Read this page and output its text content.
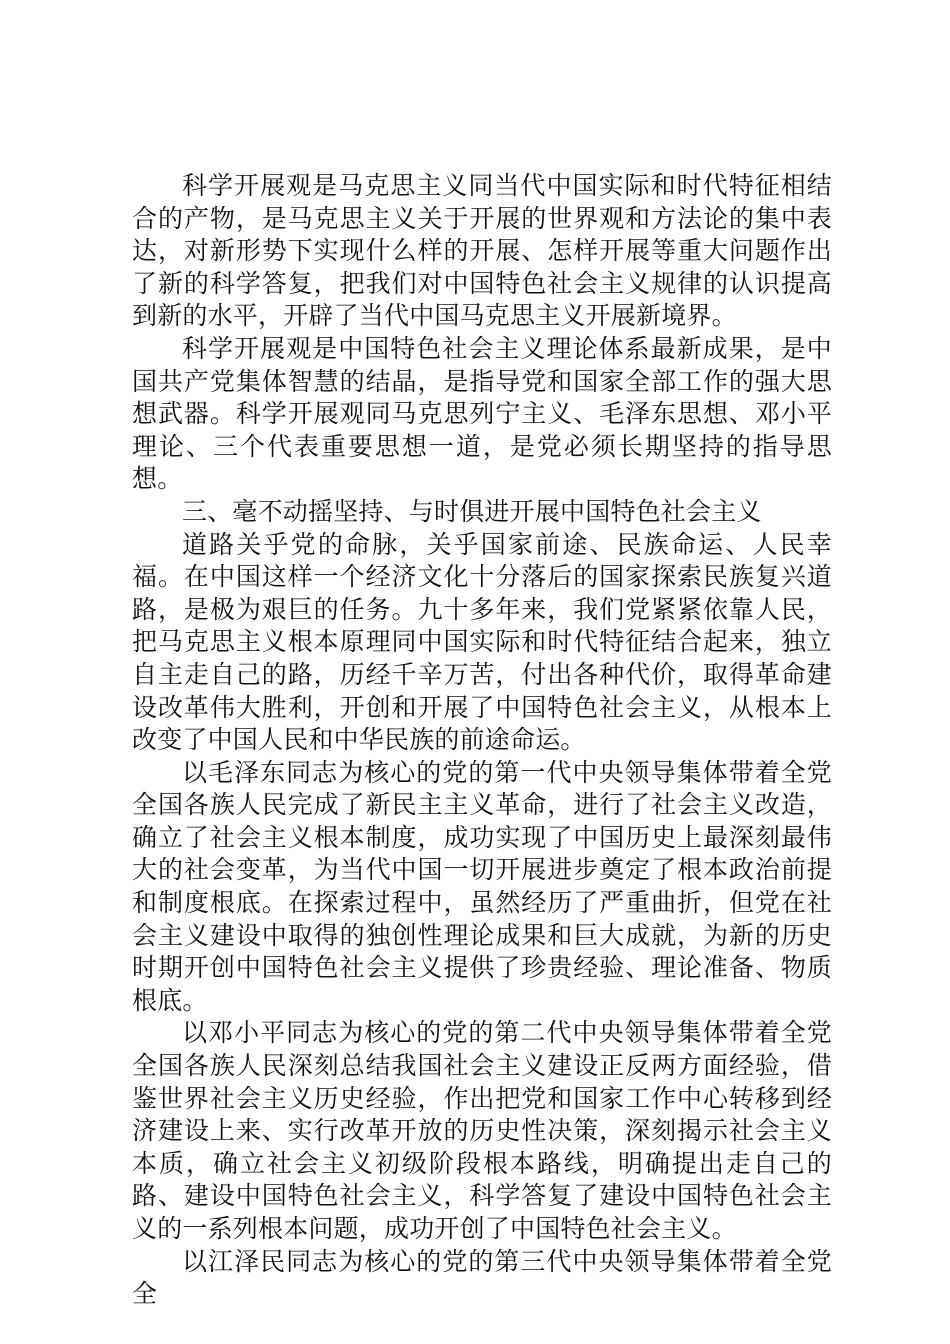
科学开展观是马克思主义同当代中国实际和时代特征相结合的产物，是马克思主义关于开展的世界观和方法论的集中表达，对新形势下实现什么样的开展、怎样开展等重大问题作出了新的科学答复，把我们对中国特色社会主义规律的认识提高到新的水平，开辟了当代中国马克思主义开展新境界。

科学开展观是中国特色社会主义理论体系最新成果，是中国共产党集体智慧的结晶，是指导党和国家全部工作的强大思想武器。科学开展观同马克思列宁主义、毛泽东思想、邓小平理论、三个代表重要思想一道，是党必须长期坚持的指导思想。

三、毫不动摇坚持、与时俱进开展中国特色社会主义

道路关乎党的命脉，关乎国家前途、民族命运、人民幸福。在中国这样一个经济文化十分落后的国家探索民族复兴道路，是极为艰巨的任务。九十多年来，我们党紧紧依靠人民，把马克思主义根本原理同中国实际和时代特征结合起来，独立自主走自己的路，历经千辛万苦，付出各种代价，取得革命建设改革伟大胜利，开创和开展了中国特色社会主义，从根本上改变了中国人民和中华民族的前途命运。

以毛泽东同志为核心的党的第一代中央领导集体带着全党全国各族人民完成了新民主主义革命，进行了社会主义改造，确立了社会主义根本制度，成功实现了中国历史上最深刻最伟大的社会变革，为当代中国一切开展进步奠定了根本政治前提和制度根底。在探索过程中，虽然经历了严重曲折，但党在社会主义建设中取得的独创性理论成果和巨大成就，为新的历史时期开创中国特色社会主义提供了珍贵经验、理论准备、物质根底。

以邓小平同志为核心的党的第二代中央领导集体带着全党全国各族人民深刻总结我国社会主义建设正反两方面经验，借鉴世界社会主义历史经验，作出把党和国家工作中心转移到经济建设上来、实行改革开放的历史性决策，深刻揭示社会主义本质，确立社会主义初级阶段根本路线，明确提出走自己的路、建设中国特色社会主义，科学答复了建设中国特色社会主义的一系列根本问题，成功开创了中国特色社会主义。

以江泽民同志为核心的党的第三代中央领导集体带着全党全
